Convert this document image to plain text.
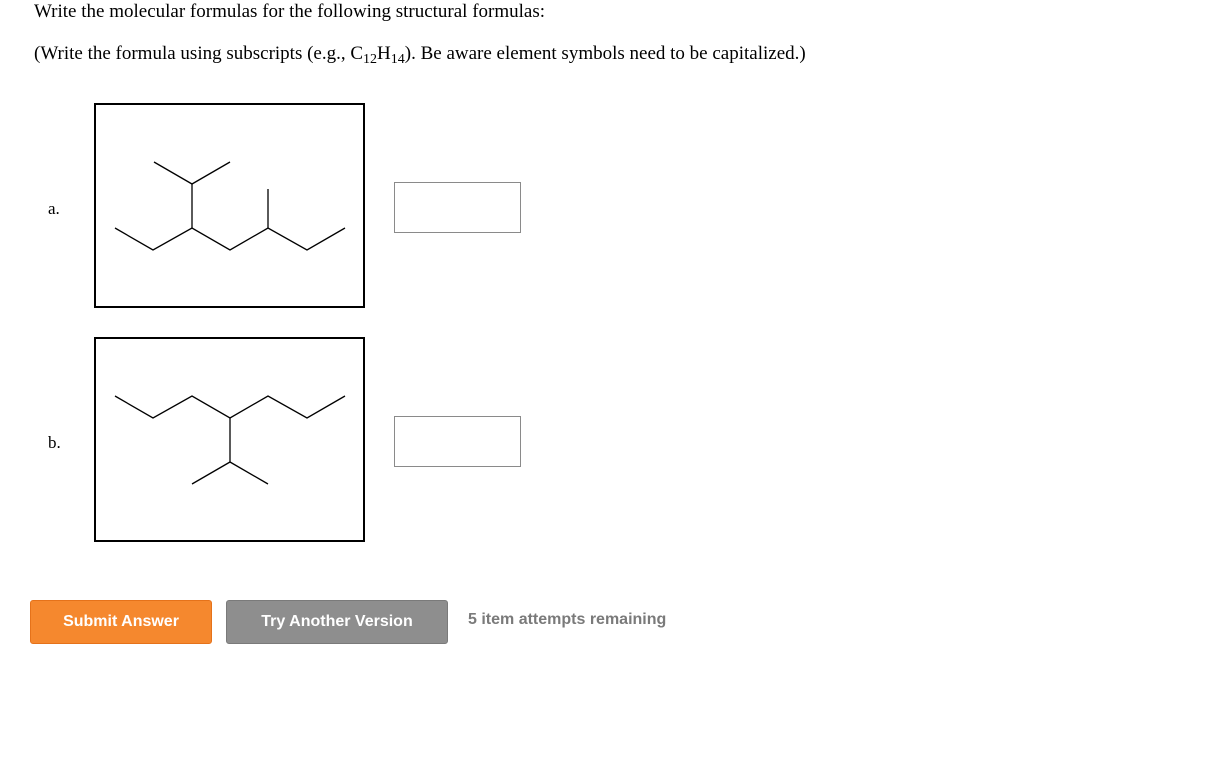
Write the molecular formulas for the following structural formulas:

(Write the formula using subscripts (e.g., $C_{12}H_{14}$). Be aware element symbols need to be capitalized.)

a.
b.
Submit Answer	Try Another Version	5 item attempts remaining
